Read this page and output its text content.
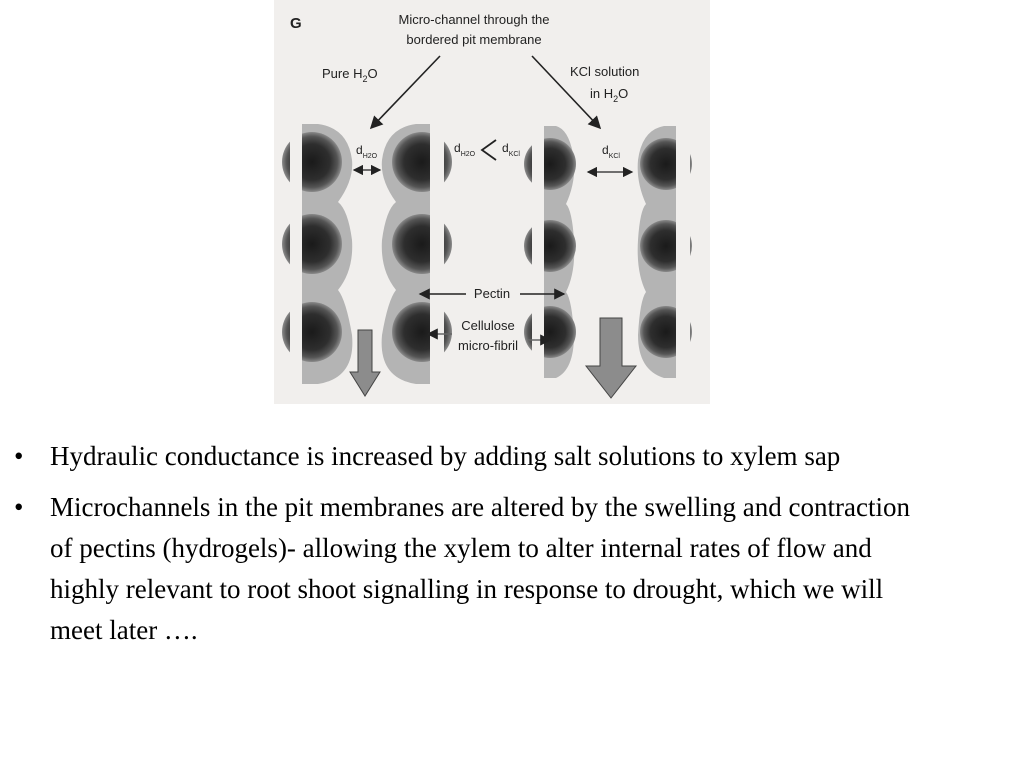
G	Micro-channel through the
bordered pit membrane
Pure $H_2O$	KCl solution
in $H_2O$
$d_{H2O}$
$d_{H2O}$ $d_{KCl}$	$d_{KCl}$
Pectin
Cellulose
micro-fibril
• Hydraulic conductance is increased by adding salt solutions to xylem sap
• Microchannels in the pit membranes are altered by the swelling and contraction of pectins (hydrogels)- allowing the xylem to alter internal rates of flow and highly relevant to root shoot signalling in response to drought, which we will meet later ….
